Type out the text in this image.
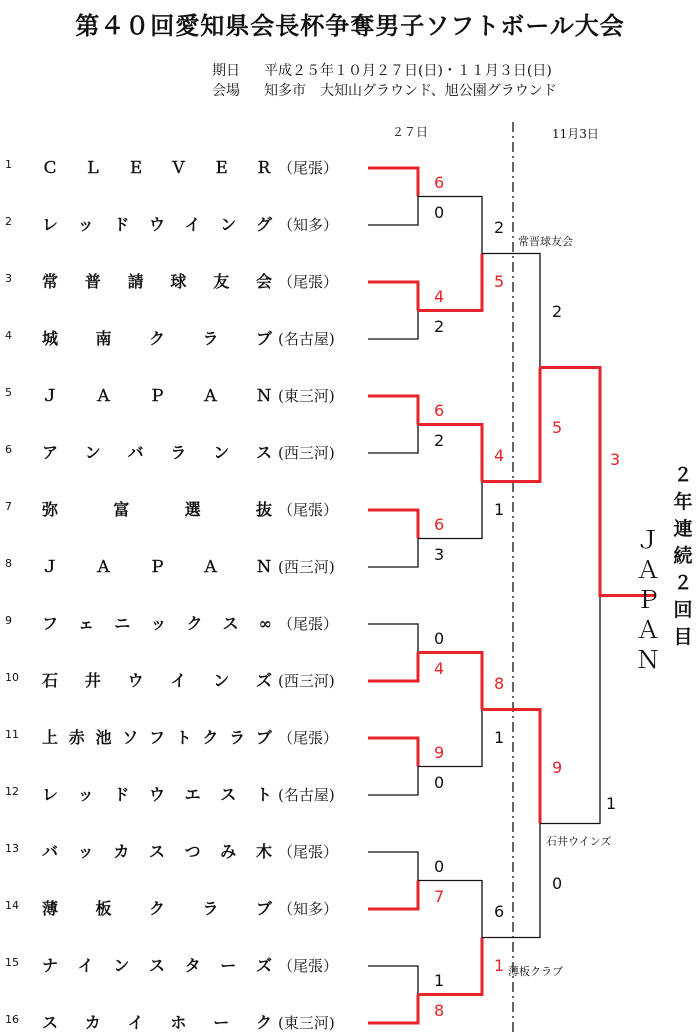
第４０回愛知県会長杯争奪男子ソフトボール大会
期日 平成２５年１０月２７日(日)・１１月３日(日)
会場 知多市　大知山グラウンド、旭公園グラウンド
２７日	11月3日
1	Ｃ Ｌ Ｅ Ｖ Ｅ Ｒ （尾張）
2	レ ッ ド ウ イ ン グ （知多）
3	常 普 請 球 友 会 （尾張）
4	城 南 ク ラ ブ (名古屋)
5	Ｊ Ａ Ｐ Ａ Ｎ (東三河)
6	ア ン バ ラ ン ス (西三河)
7	弥	富	選	抜 （尾張）
8	Ｊ Ａ Ｐ Ａ Ｎ (西三河)
9	フ ェ ニ ッ ク ス ∞ （尾張）
10	石 井 ウ イ ン ズ (西三河)
11	上 赤 池 ソ フ ト ク ラ ブ （尾張）
12	レ ッ ド ウ エ ス ト (名古屋)
13	バ ッ カ ス つ み 木 （尾張）
14	薄 板 ク ラ ブ （知多）
15	ナ イ ン ス タ ー ズ （尾張）
16	ス カ イ ホ ー ク (東三河)
6
0
4
2
6
2
6
3
0
4
9
0
0
7
1
8
2
5
4
1
8
1
6
1
2
5
9
0
3
1
常晋球友会
石井ウインズ
薄板クラブ
２
年
連
続
２
回
目
Ｊ
Ａ
Ｐ
Ａ
Ｎ
